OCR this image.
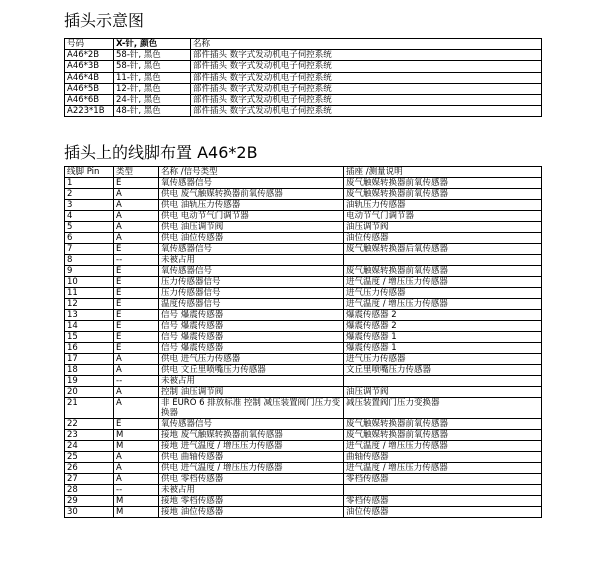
插头示意图
号码	X-针, 颜色	名称
A46*2B	58-针, 黑色	部件插头 数字式发动机电子伺控系统
A46*3B	58-针, 黑色	部件插头 数字式发动机电子伺控系统
A46*4B	11-针, 黑色	部件插头 数字式发动机电子伺控系统
A46*5B	12-针, 黑色	部件插头 数字式发动机电子伺控系统
A46*6B	24-针, 黑色	部件插头 数字式发动机电子伺控系统
A223*1B	48-针, 黑色	部件插头 数字式发动机电子伺控系统
插头上的线脚布置 A46*2B
线脚 Pin	类型	名称 /信号类型	插座 /测量说明
1	E	氧传感器信号	废气触媒转换器前氧传感器
2	A	供电 废气触媒转换器前氧传感器	废气触媒转换器前氧传感器
3	A	供电 油轨压力传感器	油轨压力传感器
4	A	供电 电动节气门调节器	电动节气门调节器
5	A	供电 油压调节阀	油压调节阀
6	A	供电 油位传感器	油位传感器
7	E	氧传感器信号	废气触媒转换器后氧传感器
8	--	未被占用	
9	E	氧传感器信号	废气触媒转换器前氧传感器
10	E	压力传感器信号	进气温度 / 增压压力传感器
11	E	压力传感器信号	进气压力传感器
12	E	温度传感器信号	进气温度 / 增压压力传感器
13	E	信号 爆震传感器	爆震传感器 2
14	E	信号 爆震传感器	爆震传感器 2
15	E	信号 爆震传感器	爆震传感器 1
16	E	信号 爆震传感器	爆震传感器 1
17	A	供电 进气压力传感器	进气压力传感器
18	A	供电 文丘里喷嘴压力传感器	文丘里喷嘴压力传感器
19	--	未被占用	
20	A	控制 油压调节阀	油压调节阀
21	A	非 EURO 6 排放标准 控制 减压装置阀门压力变换器	减压装置阀门压力变换器
22	E	氧传感器信号	废气触媒转换器前氧传感器
23	M	接地 废气触媒转换器前氧传感器	废气触媒转换器前氧传感器
24	M	接地 进气温度 / 增压压力传感器	进气温度 / 增压压力传感器
25	A	供电 曲轴传感器	曲轴传感器
26	A	供电 进气温度 / 增压压力传感器	进气温度 / 增压压力传感器
27	A	供电 零档传感器	零档传感器
28	--	未被占用	
29	M	接地 零档传感器	零档传感器
30	M	接地 油位传感器	油位传感器
